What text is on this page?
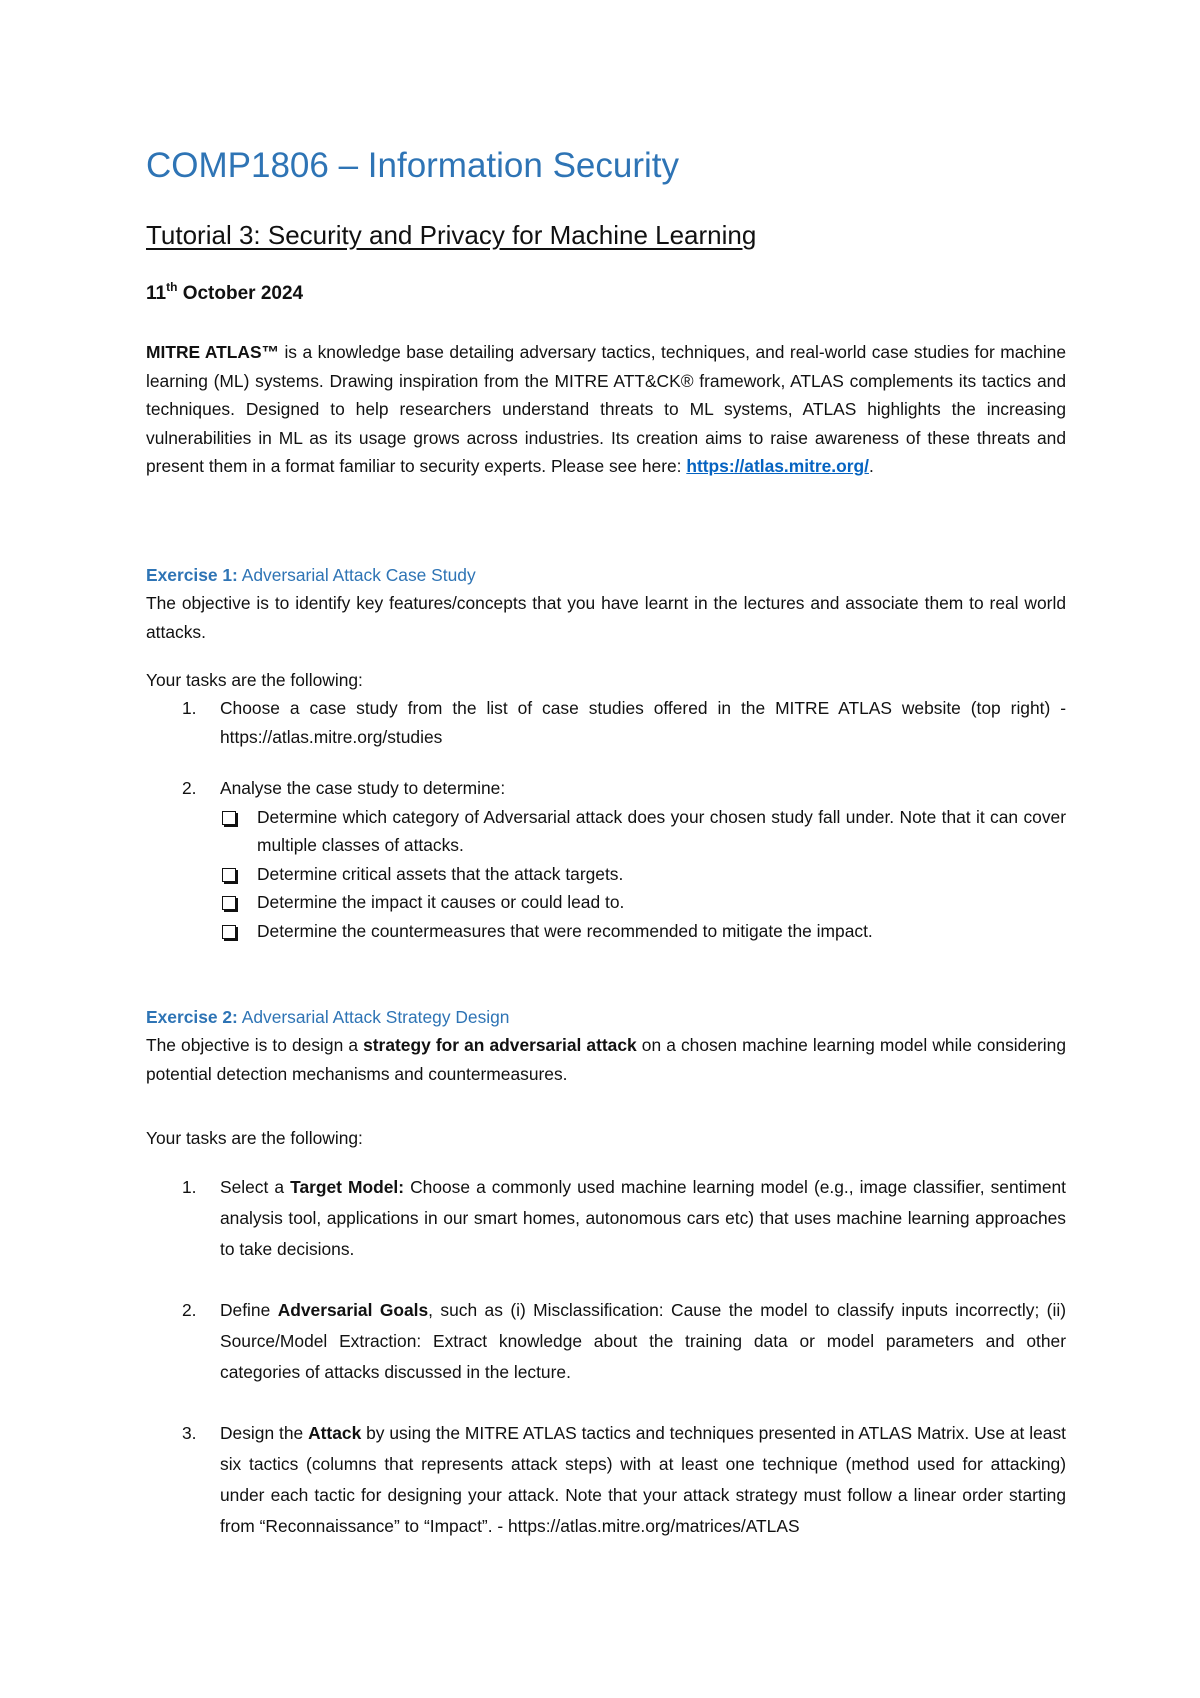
COMP1806 – Information Security
Tutorial 3: Security and Privacy for Machine Learning
11th October 2024
MITRE ATLAS™ is a knowledge base detailing adversary tactics, techniques, and real-world case studies for machine learning (ML) systems. Drawing inspiration from the MITRE ATT&CK® framework, ATLAS complements its tactics and techniques. Designed to help researchers understand threats to ML systems, ATLAS highlights the increasing vulnerabilities in ML as its usage grows across industries. Its creation aims to raise awareness of these threats and present them in a format familiar to security experts. Please see here: https://atlas.mitre.org/.
Exercise 1: Adversarial Attack Case Study
The objective is to identify key features/concepts that you have learnt in the lectures and associate them to real world attacks.
Your tasks are the following:
1. Choose a case study from the list of case studies offered in the MITRE ATLAS website (top right) - https://atlas.mitre.org/studies
2. Analyse the case study to determine:
Determine which category of Adversarial attack does your chosen study fall under. Note that it can cover multiple classes of attacks.
Determine critical assets that the attack targets.
Determine the impact it causes or could lead to.
Determine the countermeasures that were recommended to mitigate the impact.
Exercise 2: Adversarial Attack Strategy Design
The objective is to design a strategy for an adversarial attack on a chosen machine learning model while considering potential detection mechanisms and countermeasures.
Your tasks are the following:
1. Select a Target Model: Choose a commonly used machine learning model (e.g., image classifier, sentiment analysis tool, applications in our smart homes, autonomous cars etc) that uses machine learning approaches to take decisions.
2. Define Adversarial Goals, such as (i) Misclassification: Cause the model to classify inputs incorrectly; (ii) Source/Model Extraction: Extract knowledge about the training data or model parameters and other categories of attacks discussed in the lecture.
3. Design the Attack by using the MITRE ATLAS tactics and techniques presented in ATLAS Matrix. Use at least six tactics (columns that represents attack steps) with at least one technique (method used for attacking) under each tactic for designing your attack. Note that your attack strategy must follow a linear order starting from “Reconnaissance” to “Impact”. - https://atlas.mitre.org/matrices/ATLAS
